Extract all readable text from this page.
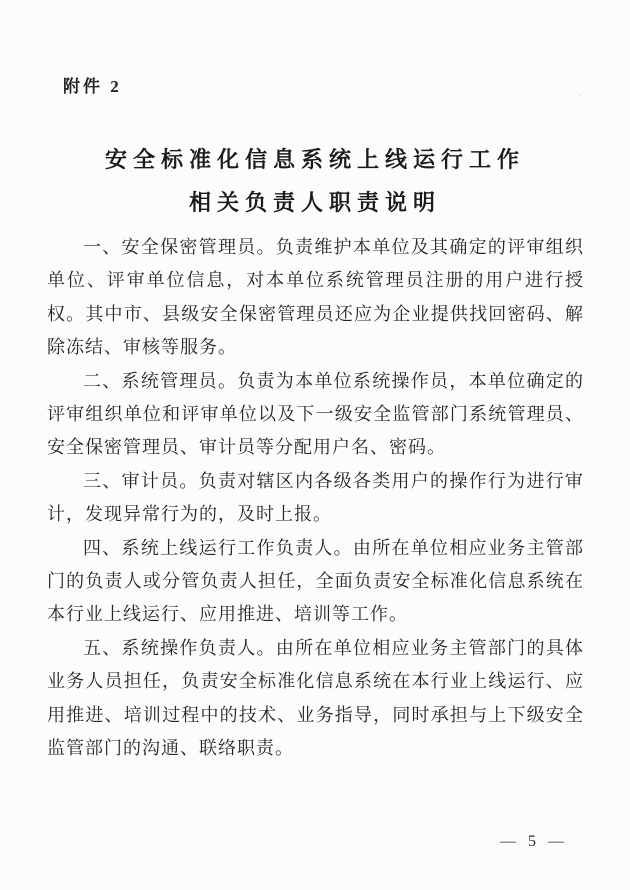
附件 2
安全标准化信息系统上线运行工作
相关负责人职责说明

一、安全保密管理员。负责维护本单位及其确定的评审组织单位、评审单位信息，对本单位系统管理员注册的用户进行授权。其中市、县级安全保密管理员还应为企业提供找回密码、解除冻结、审核等服务。

二、系统管理员。负责为本单位系统操作员，本单位确定的评审组织单位和评审单位以及下一级安全监管部门系统管理员、安全保密管理员、审计员等分配用户名、密码。

三、审计员。负责对辖区内各级各类用户的操作行为进行审计，发现异常行为的，及时上报。

四、系统上线运行工作负责人。由所在单位相应业务主管部门的负责人或分管负责人担任，全面负责安全标准化信息系统在本行业上线运行、应用推进、培训等工作。

五、系统操作负责人。由所在单位相应业务主管部门的具体业务人员担任，负责安全标准化信息系统在本行业上线运行、应用推进、培训过程中的技术、业务指导，同时承担与上下级安全监管部门的沟通、联络职责。

— 5 —
